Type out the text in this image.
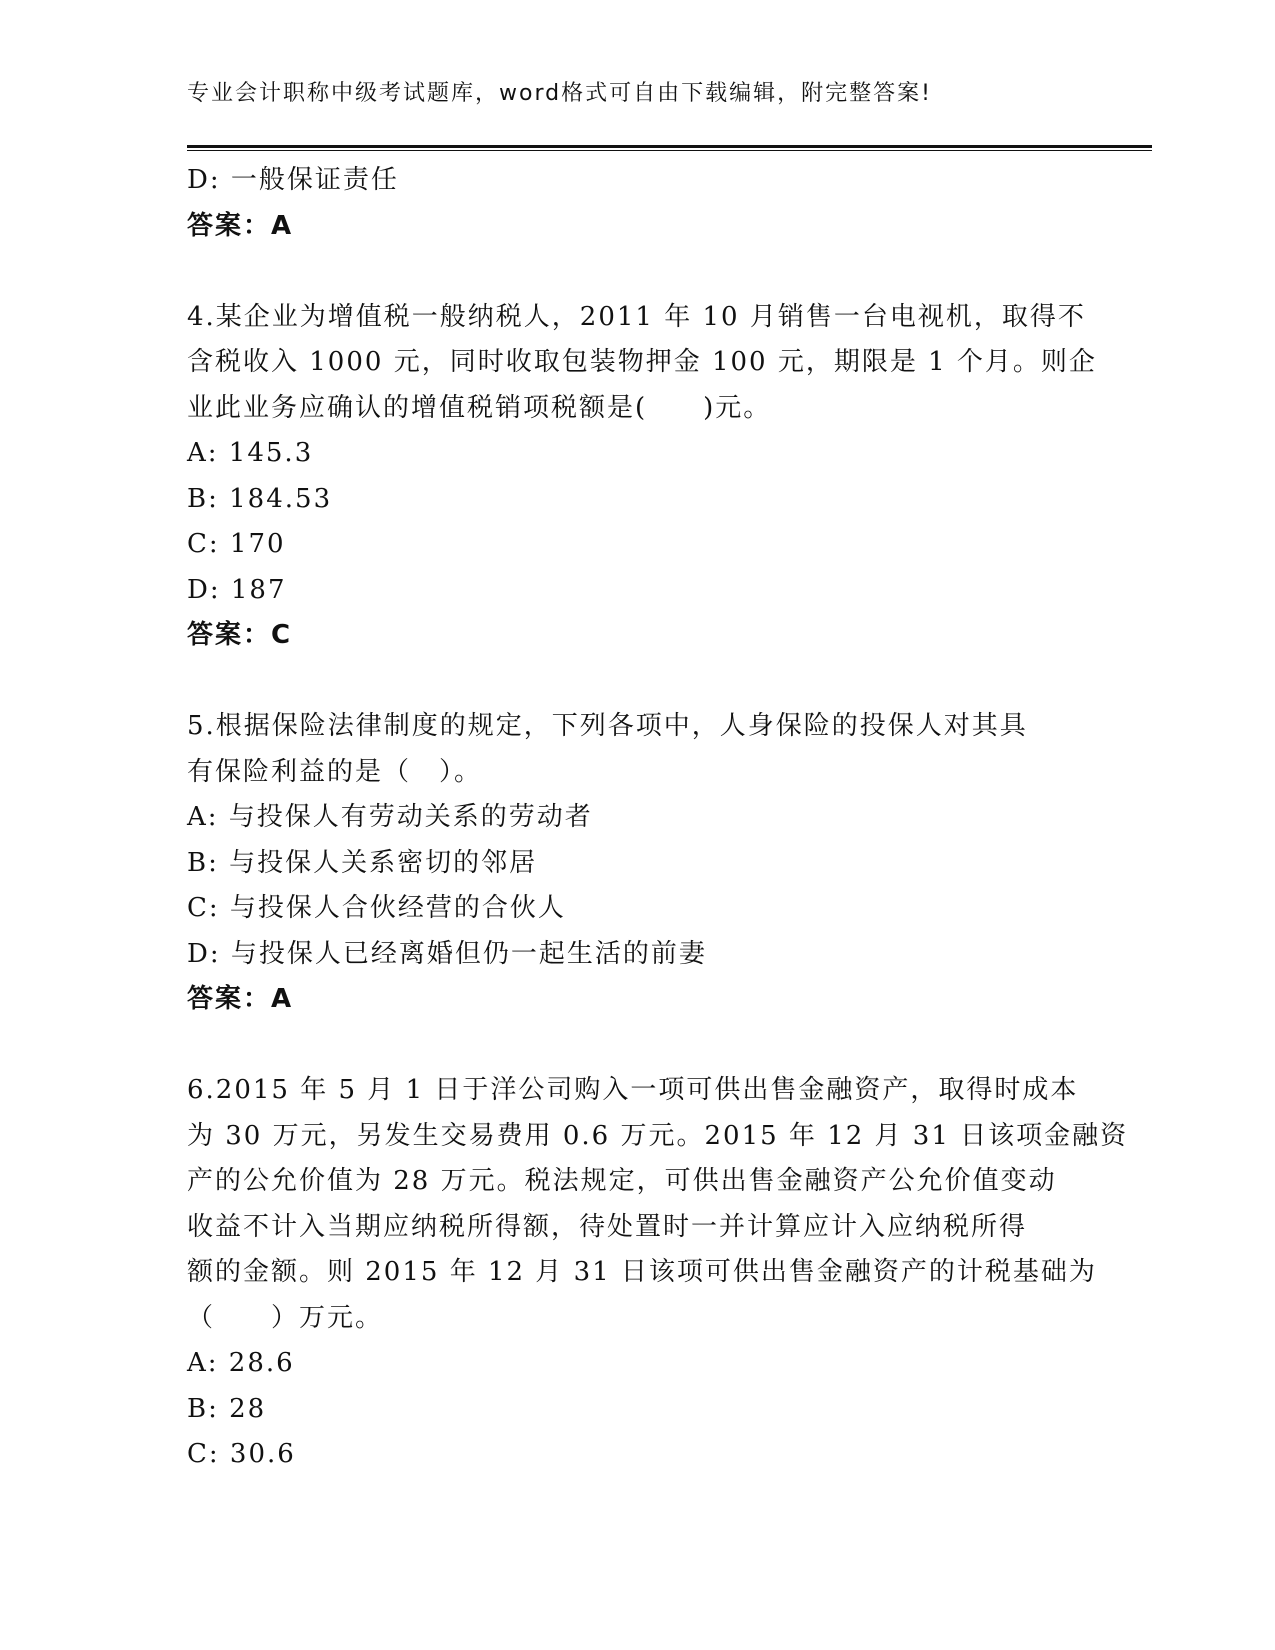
专业会计职称中级考试题库，word格式可自由下载编辑，附完整答案!

D: 一般保证责任

答案：A

4.某企业为增值税一般纳税人，2011 年 10 月销售一台电视机，取得不

含税收入 1000 元，同时收取包装物押金 100 元，期限是 1 个月。则企

业此业务应确认的增值税销项税额是(　　)元。

A: 145.3

B: 184.53

C: 170

D: 187

答案：C

5.根据保险法律制度的规定，下列各项中，人身保险的投保人对其具

有保险利益的是（　）。

A: 与投保人有劳动关系的劳动者

B: 与投保人关系密切的邻居

C: 与投保人合伙经营的合伙人

D: 与投保人已经离婚但仍一起生活的前妻

答案：A

6.2015 年 5 月 1 日于洋公司购入一项可供出售金融资产，取得时成本

为 30 万元，另发生交易费用 0.6 万元。2015 年 12 月 31 日该项金融资

产的公允价值为 28 万元。税法规定，可供出售金融资产公允价值变动

收益不计入当期应纳税所得额，待处置时一并计算应计入应纳税所得

额的金额。则 2015 年 12 月 31 日该项可供出售金融资产的计税基础为

（　　）万元。

A: 28.6

B: 28

C: 30.6
